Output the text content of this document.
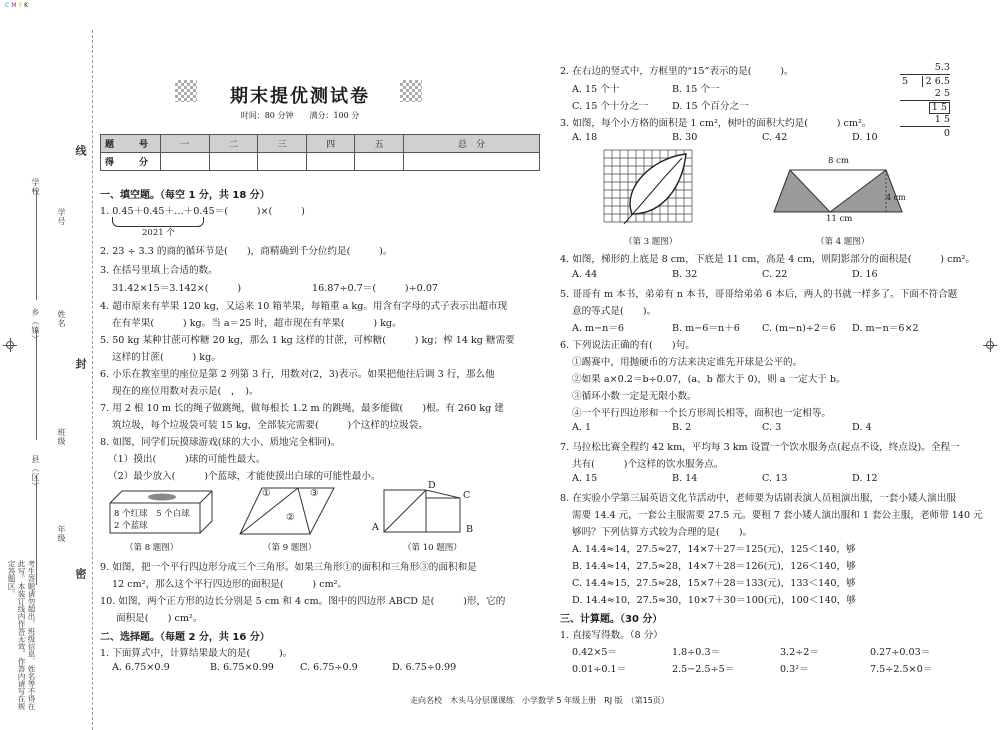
C M Y K
学校
学号
乡（镇） 姓名
县（区）
班级
年级
线
封
密
考生答题请勿超出，班级信息、姓名等不得在此写。本装订线内作答无效，作答内请写在规定答题区。
期末提优测试卷
时间：80 分钟　　满分：100 分
题　号	一	二	三	四	五	总　分
得　分						
一、填空题。（每空 1 分，共 18 分）
1. 0.45＋0.45＋…＋0.45＝(　　　)×(　　　)
2021 个
2. 23 ÷ 3.3 的商的循环节是(　　)，商精确到千分位约是(　　　)。
3. 在括号里填上合适的数。
31.42×15＝3.142×(　　　)	16.87÷0.7＝(　　　)÷0.07
4. 超市原来有苹果 120 kg，又运来 10 箱苹果，每箱重 a kg。用含有字母的式子表示出超市现
在有苹果(　　　) kg。当 a＝25 时，超市现在有苹果(　　　) kg。
5. 50 kg 某种甘蔗可榨糖 20 kg，那么 1 kg 这样的甘蔗，可榨糖(　　　) kg；榨 14 kg 糖需要
这样的甘蔗(　　　) kg。
6. 小乐在教室里的座位是第 2 列第 3 行，用数对(2，3)表示。如果把他往后调 3 行，那么他
现在的座位用数对表示是(　，　)。
7. 用 2 根 10 m 长的绳子做跳绳，做每根长 1.2 m 的跳绳，最多能做(　　)根。有 260 kg 建
筑垃圾，每个垃圾袋可装 15 kg，全部装完需要(　　　)个这样的垃圾袋。
8. 如图，同学们玩摸球游戏(球的大小、质地完全相同)。
（1）摸出(　　　)球的可能性最大。
（2）最少放入(　　　)个蓝球，才能使摸出白球的可能性最小。
8 个红球　5 个白球
2 个蓝球
（第 8 题图）
①
②
③
（第 9 题图）
D
C
A	B
（第 10 题图）
9. 如图，把一个平行四边形分成三个三角形。如果三角形①的面积和三角形③的面积和是
12 cm²，那么这个平行四边形的面积是(　　　) cm²。
10. 如图，两个正方形的边长分别是 5 cm 和 4 cm。图中的四边形 ABCD 是(　　　)形，它的
面积是(　　) cm²。
二、选择题。（每题 2 分，共 16 分）
1. 下面算式中，计算结果最大的是(　　　)。
A. 6.75×0.9	B. 6.75×0.99	C. 6.75÷0.9	D. 6.75÷0.99
2. 在右边的竖式中，方框里的“15”表示的是(　　　)。
A. 15 个十	B. 15 个一
C. 15 个十分之一 D. 15 个百分之一
5.3
5 2 6.5
2 5
1 5
1 5
0
3. 如图，每个小方格的面积是 1 cm²，树叶的面积大约是(　　　) cm²。
A. 18	B. 30	C. 42	D. 10
（第 3 题图）
8 cm
4 cm
11 cm
（第 4 题图）
4. 如图，梯形的上底是 8 cm，下底是 11 cm，高是 4 cm，则阴影部分的面积是(　　　) cm²。
A. 44	B. 32	C. 22	D. 16
5. 哥哥有 m 本书，弟弟有 n 本书，哥哥给弟弟 6 本后，两人的书就一样多了。下面不符合题
意的等式是(　　)。
A. m−n＝6	B. m−6＝n＋6 C. (m−n)÷2＝6 D. m−n＝6×2
6. 下列说法正确的有(　　)句。
①踢赛中，用抛硬币的方法来决定谁先开球是公平的。
②如果 a×0.2＝b÷0.07，(a、b 都大于 0)，则 a 一定大于 b。
③循环小数一定是无限小数。
④一个平行四边形和一个长方形周长相等，面积也一定相等。
A. 1	B. 2	C. 3	D. 4
7. 马拉松比赛全程约 42 km，平均每 3 km 设置一个饮水服务点(起点不设，终点设)。全程一
共有(　　　)个这样的饮水服务点。
A. 15	B. 14	C. 13	D. 12
8. 在实验小学第三届英语文化节活动中，老师要为话剧表演人员租演出服，一套小矮人演出服
需要 14.4 元，一套公主服需要 27.5 元。要租 7 套小矮人演出服和 1 套公主服，老师带 140 元
够吗？下列估算方式较为合理的是(　　)。
A. 14.4≈14，27.5≈27，14×7＋27＝125(元)，125＜140，够
B. 14.4≈14，27.5≈28，14×7＋28＝126(元)，126＜140，够
C. 14.4≈15，27.5≈28，15×7＋28＝133(元)，133＜140，够
D. 14.4≈10，27.5≈30，10×7＋30＝100(元)，100＜140，够
三、计算题。（30 分）
1. 直接写得数。（8 分）
0.42×5＝	1.8÷0.3＝	3.2÷2＝	0.27÷0.03＝
0.01÷0.1＝	2.5−2.5÷5＝	0.3²＝	7.5÷2.5×0＝
走向名校　木头马分层课课练　小学数学 5 年级上册　RJ 版　（第15页）
